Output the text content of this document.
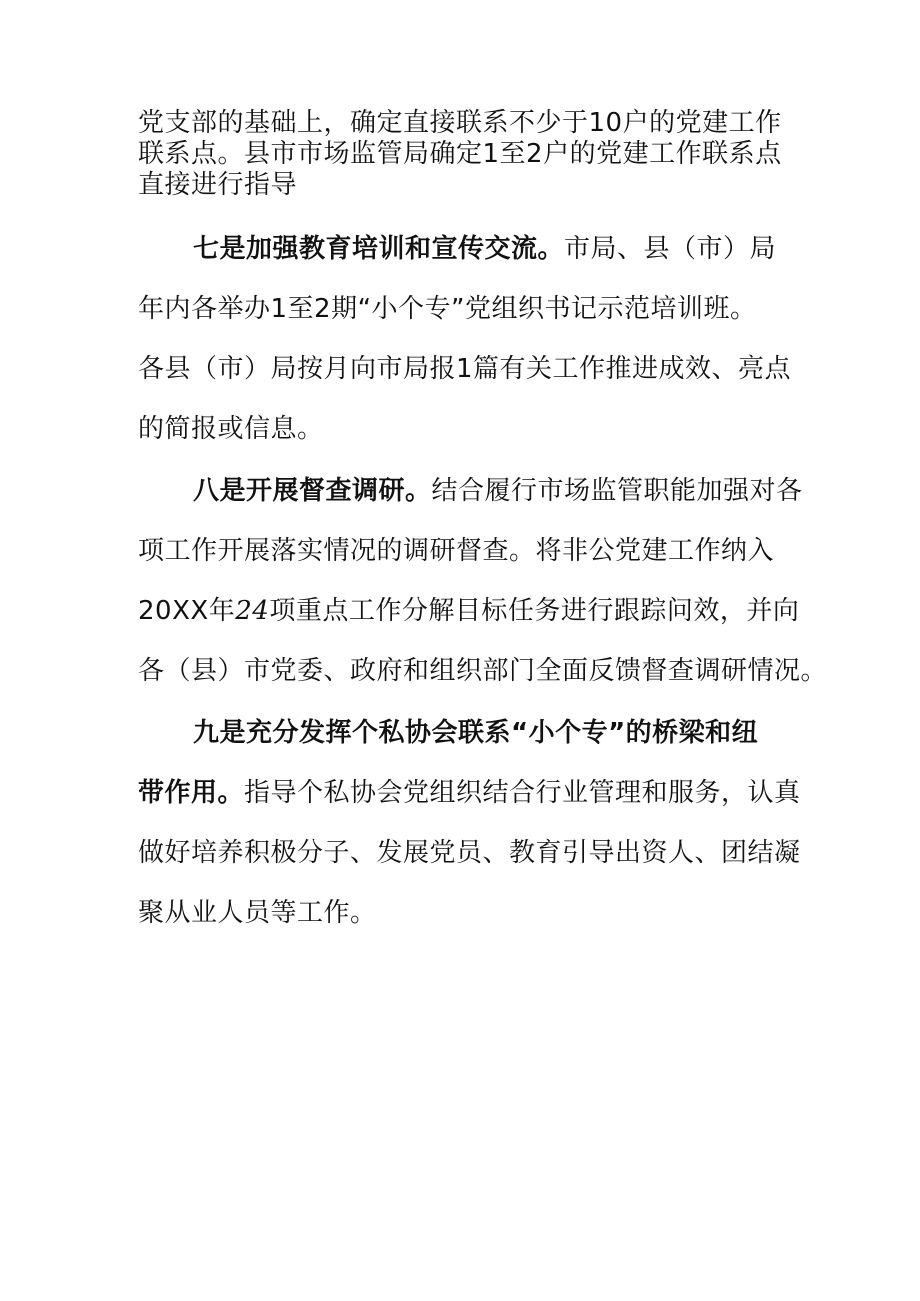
党支部的基础上，确定直接联系不少于10户的党建工作
联系点。县市市场监管局确定1至2户的党建工作联系点
直接进行指导
七是加强教育培训和宣传交流。市局、县（市）局
年内各举办1至2期“小个专”党组织书记示范培训班。
各县（市）局按月向市局报1篇有关工作推进成效、亮点
的简报或信息。
八是开展督查调研。结合履行市场监管职能加强对各
项工作开展落实情况的调研督查。将非公党建工作纳入
20XX年24项重点工作分解目标任务进行跟踪问效，并向
各（县）市党委、政府和组织部门全面反馈督查调研情况。
九是充分发挥个私协会联系“小个专”的桥梁和纽
带作用。指导个私协会党组织结合行业管理和服务，认真
做好培养积极分子、发展党员、教育引导出资人、团结凝
聚从业人员等工作。
